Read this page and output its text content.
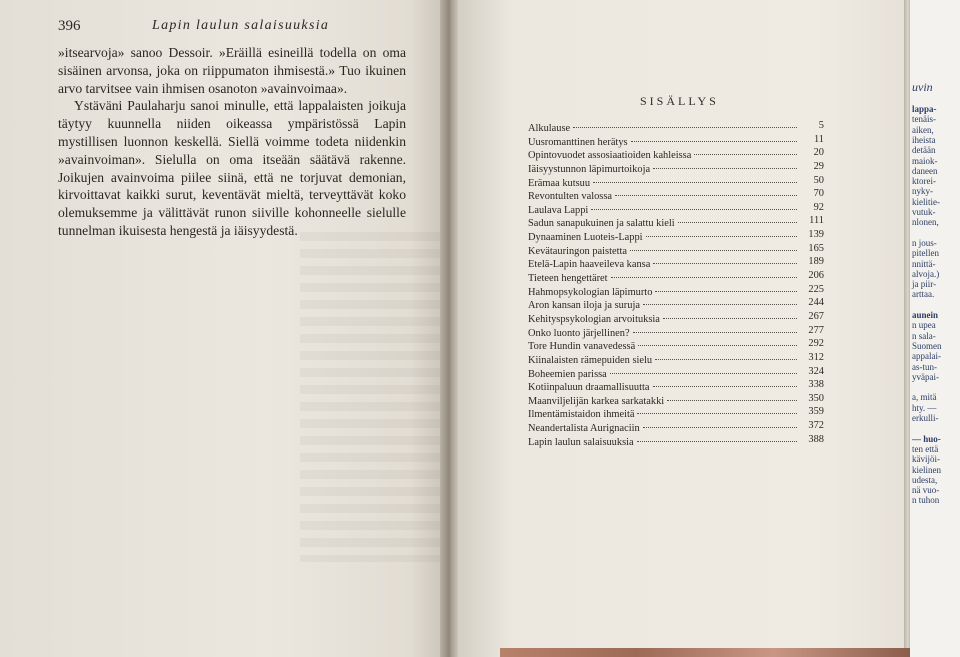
396	Lapin laulun salaisuuksia

»itsearvoja» sanoo Dessoir. »Eräillä esineillä todella on oma sisäinen arvonsa, joka on riippumaton ihmisestä.» Tuo ikuinen arvo tarvitsee vain ihmisen osanoton »avainvoimaa».

Ystäväni Paulaharju sanoi minulle, että lappalaisten joikuja täytyy kuunnella niiden oikeassa ympäristössä Lapin mystillisen luonnon keskellä. Siellä voimme todeta niidenkin »avainvoiman». Sielulla on oma itseään säätävä rakenne. Joikujen avainvoima piilee siinä, että ne torjuvat demonian, kirvoittavat kaikki surut, keventävät mieltä, terveyttävät koko olemuksemme ja välittävät runon siiville kohonneelle sielulle tunnelman ikuisesta hengestä ja iäisyydestä.

SISÄLLYS
Alkulause	5
Uusromanttinen herätys	11
Opintovuodet assosiaatioiden kahleissa	20
Iäisyystunnon läpimurtoikoja	29
Erämaa kutsuu	50
Revontulten valossa	70
Laulava Lappi	92
Sadun sanapukuinen ja salattu kieli	111
Dynaaminen Luoteis-Lappi	139
Kevätauringon paistetta	165
Etelä-Lapin haaveileva kansa	189
Tieteen hengettäret	206
Hahmopsykologian läpimurto	225
Aron kansan iloja ja suruja	244
Kehityspsykologian arvoituksia	267
Onko luonto järjellinen?	277
Tore Hundin vanavedessä	292
Kiinalaisten rämepuiden sielu	312
Boheemien parissa	324
Kotiinpaluun draamallisuutta	338
Maanviljelijän karkea sarkatakki	350
Ilmentämistaidon ihmeitä	359
Neandertalista Aurignaciin	372
Lapin laulun salaisuuksia	388
uvin
lappa-
tenäis-
aiken,
iheista
detään
maiok-
daneen
ktorei-
nyky-
kielitie-
vutuk-
nlonen,
n jous-
pitellen
nnittä-
alvoja.)
ja piir-
arttaa.
aunein
n upea
n sala-
Suomen
appalai-
as-tun-
yväpai-
a, mitä
hty. —
erkulli-
— huo-
ten että
kävijöi-
kielinen
udesta,
nä vuo-
n tuhon
